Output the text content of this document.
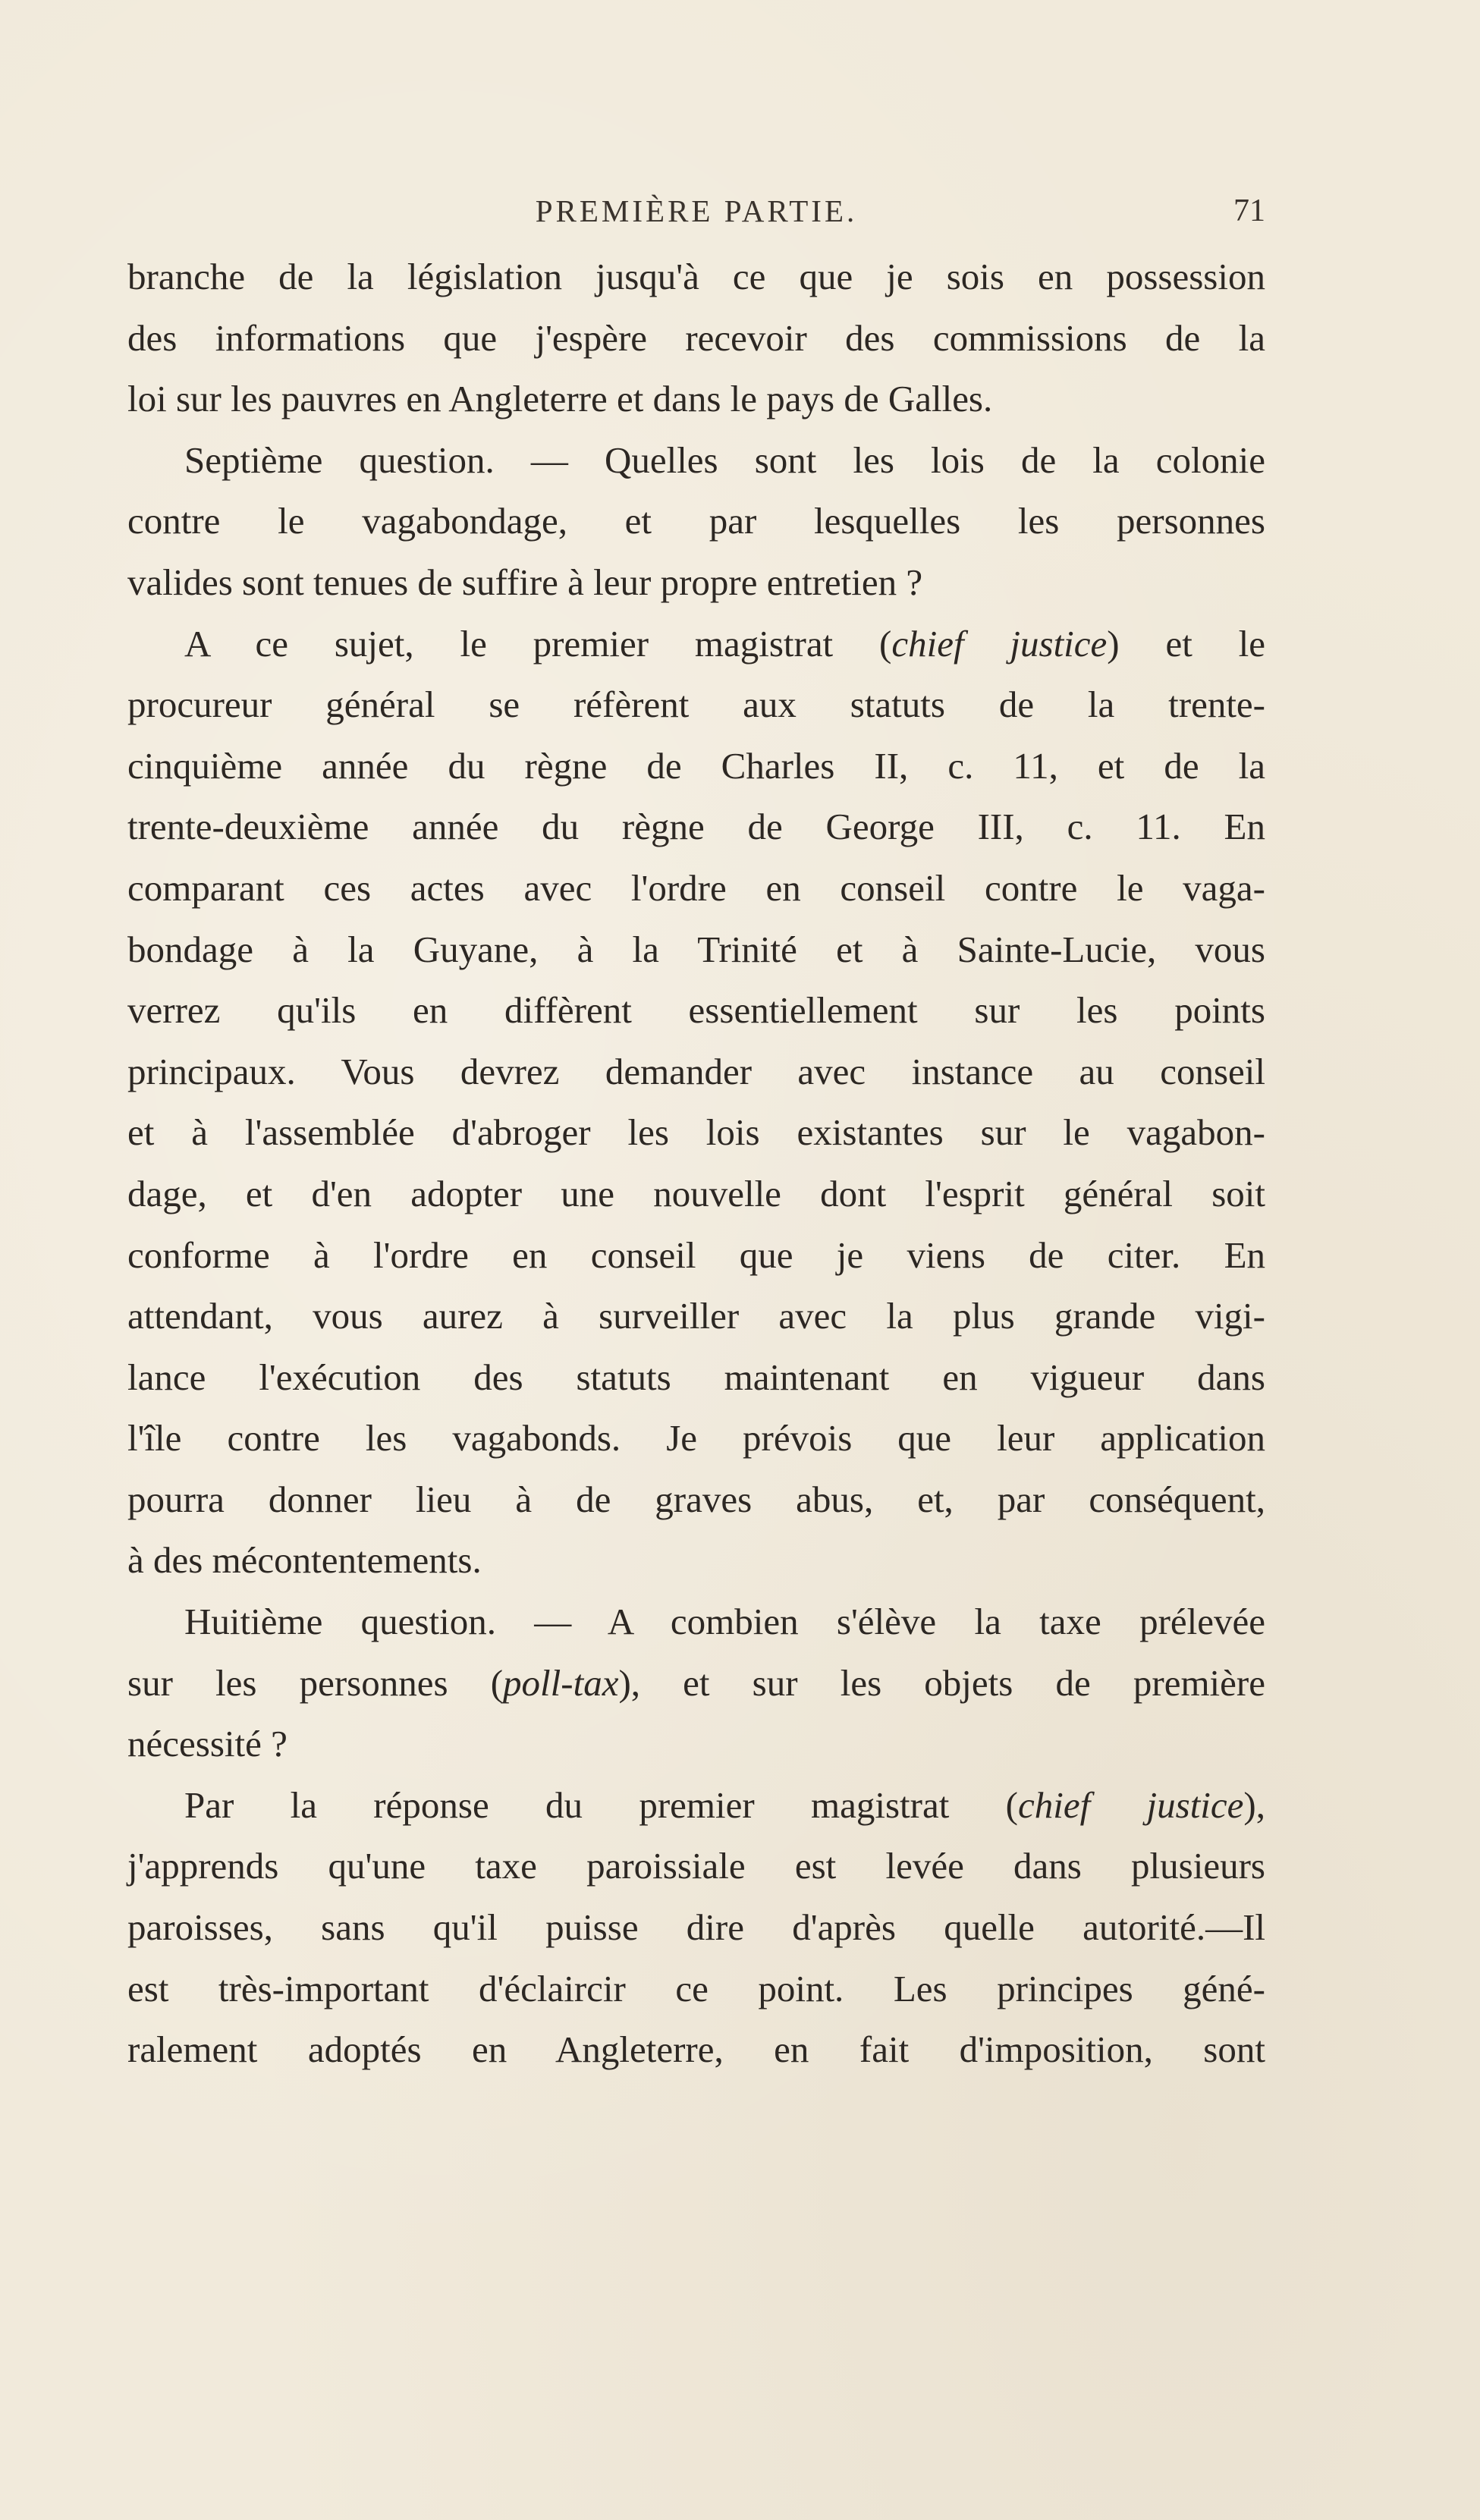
PREMIÈRE PARTIE.	71
branche de la législation jusqu'à ce que je sois en possession
des informations que j'espère recevoir des commissions de la
loi sur les pauvres en Angleterre et dans le pays de Galles.
Septième question. — Quelles sont les lois de la colonie
contre le vagabondage, et par lesquelles les personnes
valides sont tenues de suffire à leur propre entretien ?
A ce sujet, le premier magistrat (chief justice) et le
procureur général se réfèrent aux statuts de la trente-
cinquième année du règne de Charles II, c. 11, et de la
trente-deuxième année du règne de George III, c. 11. En
comparant ces actes avec l'ordre en conseil contre le vaga-
bondage à la Guyane, à la Trinité et à Sainte-Lucie, vous
verrez qu'ils en diffèrent essentiellement sur les points
principaux. Vous devrez demander avec instance au conseil
et à l'assemblée d'abroger les lois existantes sur le vagabon-
dage, et d'en adopter une nouvelle dont l'esprit général soit
conforme à l'ordre en conseil que je viens de citer. En
attendant, vous aurez à surveiller avec la plus grande vigi-
lance l'exécution des statuts maintenant en vigueur dans
l'île contre les vagabonds. Je prévois que leur application
pourra donner lieu à de graves abus, et, par conséquent,
à des mécontentements.
Huitième question. — A combien s'élève la taxe prélevée
sur les personnes (poll-tax), et sur les objets de première
nécessité ?
Par la réponse du premier magistrat (chief justice),
j'apprends qu'une taxe paroissiale est levée dans plusieurs
paroisses, sans qu'il puisse dire d'après quelle autorité.—Il
est très-important d'éclaircir ce point. Les principes géné-
ralement adoptés en Angleterre, en fait d'imposition, sont
